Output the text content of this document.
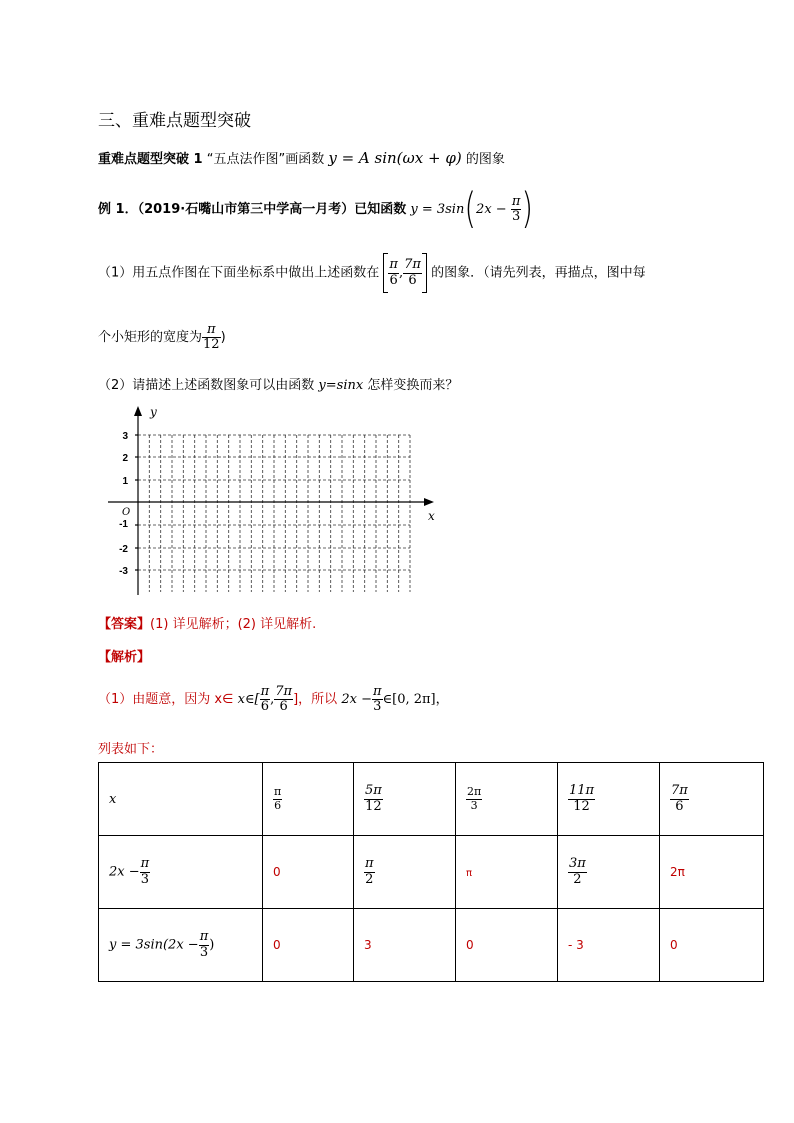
三、重难点题型突破
重难点题型突破 1 “五点法作图”画函数 y = A sin(ωx + φ) 的图象
例 1．（2019·石嘴山市第三中学高一月考）已知函数 $y = 3\sin(2x - \frac{\pi}{3}$ )
（1）用五点作图在下面坐标系中做出上述函数在 $\frac{\pi}{6}$ , $\frac{7\pi}{6}$ 的图象．（请先列表，再描点，图中每
个小矩形的宽度为 $\frac{\pi}{12}$ )
（2）请描述上述函数图象可以由函数 y=sinx 怎样变换而来？
3
2
1
-1
-2
-3
O	x
y
【答案】(1) 详见解析；(2) 详见解析.
【解析】
（1）由题意，因为 x∈ x∈[ $\frac{\pi}{6}$ , $\frac{7\pi}{6}$ ]，所以 $2x - \frac{\pi}{3}$ ∈[0, 2π]，
列表如下：
x	$\frac{\pi}{6}$	$\frac{5\pi}{12}$	$\frac{2\pi}{3}$	$\frac{11\pi}{12}$	$\frac{7\pi}{6}$

$2x - \frac{\pi}{3}$	0	$\frac{\pi}{2}$	π	$\frac{3\pi}{2}$	2π
$y = 3\sin(2x - \frac{\pi}{3}$ )	0	3	0	- 3	0
